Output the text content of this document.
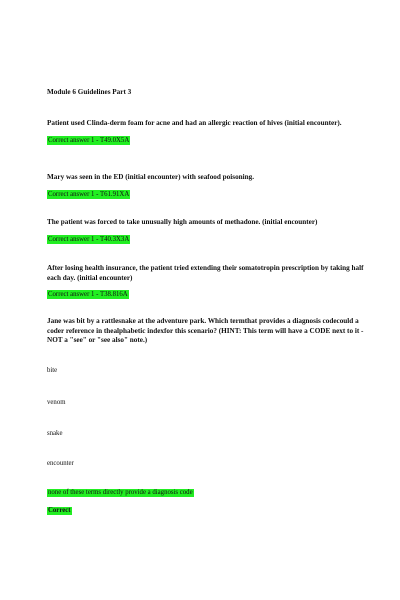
Module 6 Guidelines Part 3
Patient used Clinda-derm foam for acne and had an allergic reaction of hives (initial encounter).
Correct answer 1 - T49.0X5A
Mary was seen in the ED (initial encounter) with seafood poisoning.
Correct answer 1 - T61.91XA
The patient was forced to take unusually high amounts of methadone. (initial encounter)
Correct answer 1 - T40.3X3A
After losing health insurance, the patient tried extending their somatotropin prescription by taking half each day. (initial encounter)
Correct answer 1 - T38.816A
Jane was bit by a rattlesnake at the adventure park. Which termthat provides a diagnosis codecould a coder reference in thealphabetic indexfor this scenario? (HINT: This term will have a CODE next to it - NOT a "see" or "see also" note.)
bite
venom
snake
encounter
none of these terms directly provide a diagnosis code
Correct
